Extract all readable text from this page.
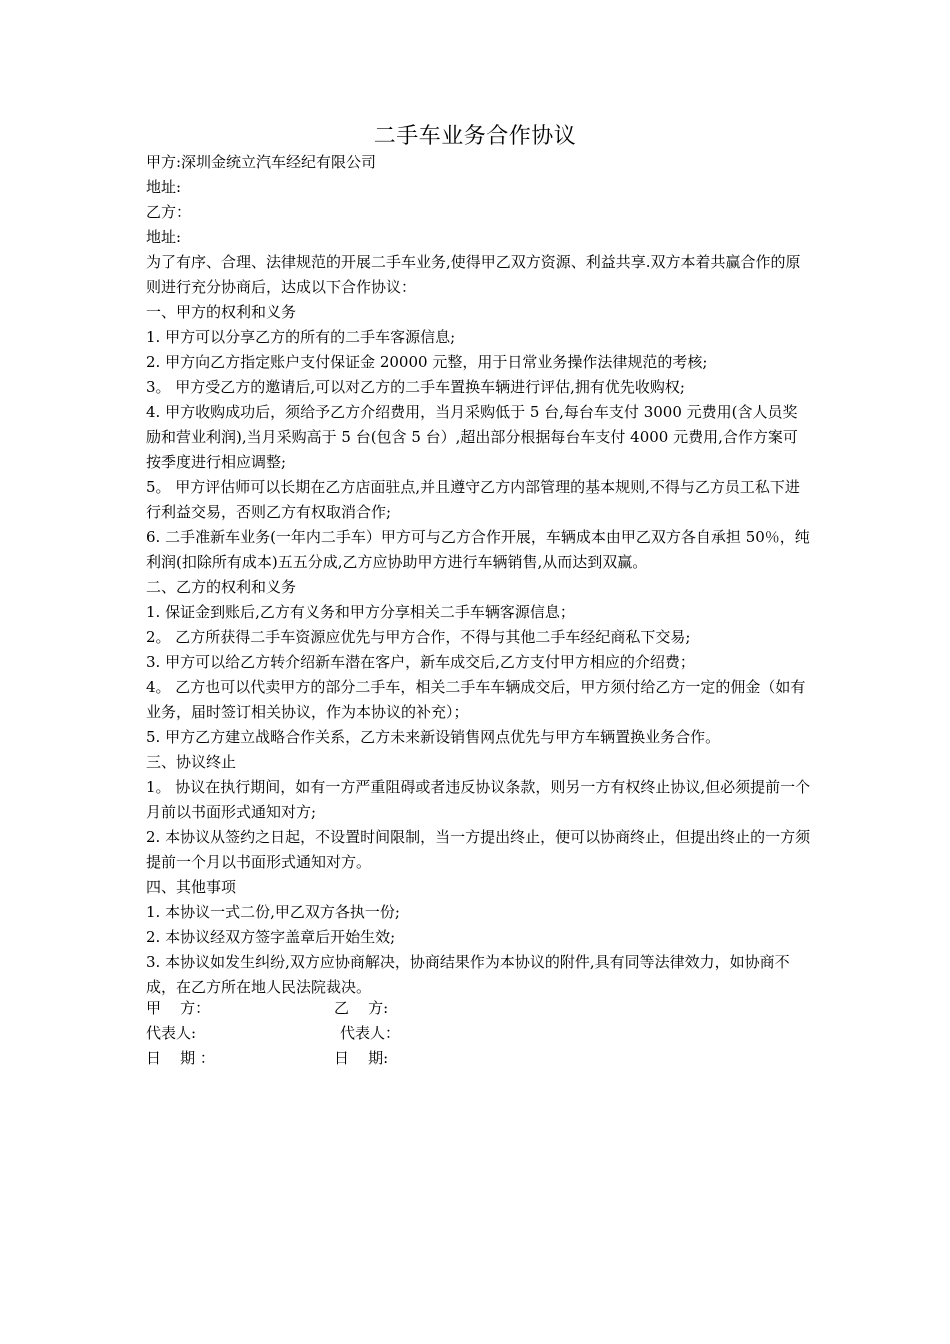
二手车业务合作协议

甲方:深圳金统立汽车经纪有限公司

地址:

乙方：

地址:

为了有序、合理、法律规范的开展二手车业务,使得甲乙双方资源、利益共享.双方本着共赢合作的原则进行充分协商后，达成以下合作协议：

一、甲方的权利和义务

1. 甲方可以分享乙方的所有的二手车客源信息;

2. 甲方向乙方指定账户支付保证金 20000 元整，用于日常业务操作法律规范的考核;

3。 甲方受乙方的邀请后,可以对乙方的二手车置换车辆进行评估,拥有优先收购权;

4. 甲方收购成功后，须给予乙方介绍费用，当月采购低于 5 台,每台车支付 3000 元费用(含人员奖励和营业利润),当月采购高于 5 台(包含 5 台）,超出部分根据每台车支付 4000 元费用,合作方案可按季度进行相应调整;

5。 甲方评估师可以长期在乙方店面驻点,并且遵守乙方内部管理的基本规则,不得与乙方员工私下进行利益交易，否则乙方有权取消合作;

6. 二手准新车业务(一年内二手车）甲方可与乙方合作开展，车辆成本由甲乙双方各自承担 50％，纯利润(扣除所有成本)五五分成,乙方应协助甲方进行车辆销售,从而达到双赢。

二、乙方的权利和义务

1. 保证金到账后,乙方有义务和甲方分享相关二手车辆客源信息；

2。 乙方所获得二手车资源应优先与甲方合作，不得与其他二手车经纪商私下交易;

3. 甲方可以给乙方转介绍新车潜在客户，新车成交后,乙方支付甲方相应的介绍费；

4。 乙方也可以代卖甲方的部分二手车，相关二手车车辆成交后，甲方须付给乙方一定的佣金（如有业务，届时签订相关协议，作为本协议的补充）；

5. 甲方乙方建立战略合作关系，乙方未来新设销售网点优先与甲方车辆置换业务合作。

三、协议终止

1。 协议在执行期间，如有一方严重阻碍或者违反协议条款，则另一方有权终止协议,但必须提前一个月前以书面形式通知对方;

2. 本协议从签约之日起，不设置时间限制，当一方提出终止，便可以协商终止，但提出终止的一方须提前一个月以书面形式通知对方。

四、其他事项

1. 本协议一式二份,甲乙双方各执一份;

2. 本协议经双方签字盖章后开始生效;

3. 本协议如发生纠纷,双方应协商解决，协商结果作为本协议的附件,具有同等法律效力，如协商不成，在乙方所在地人民法院裁决。

甲    方：	乙    方:
代表人:	代表人：
日    期 ：	日    期:
